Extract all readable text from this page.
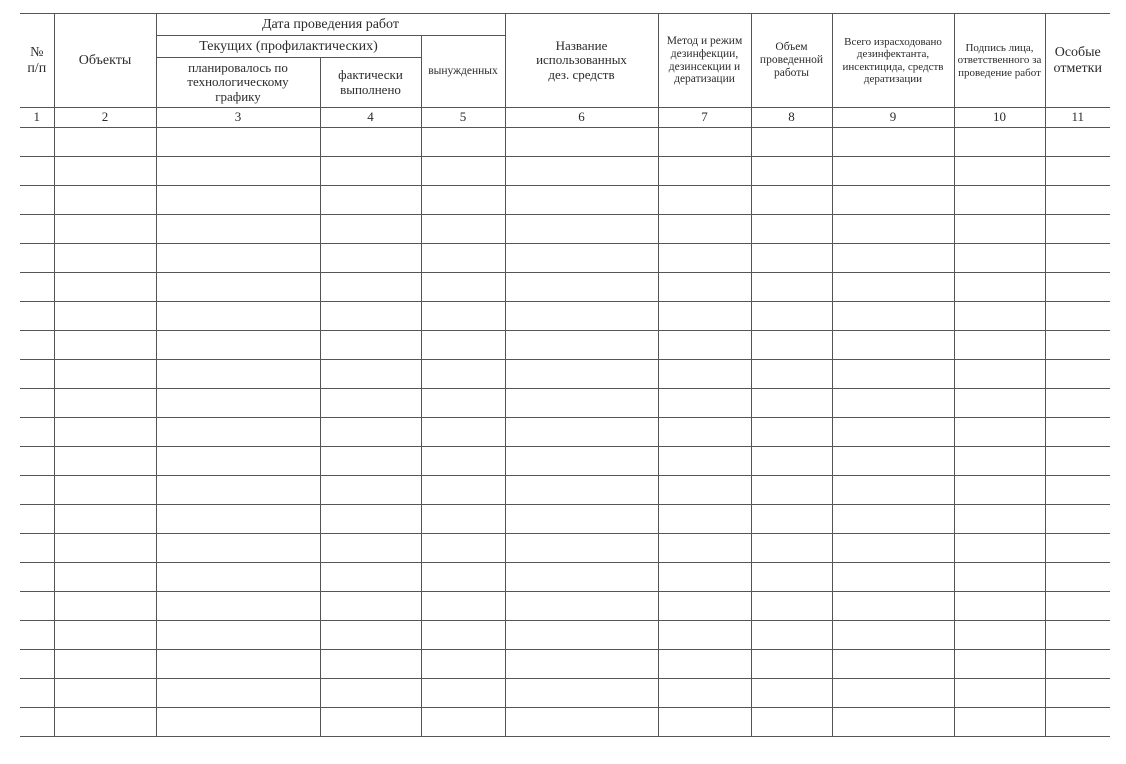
№
п/п	Объекты	Дата проведения работ			Название использованных дез. средств	Метод и режим дезинфекции, дезинсекции и дератизации	Объем проведенной работы	Всего израсходовано дезинфектанта, инсектицида, средств дератизации	Подпись лица, ответственного за проведение работ	Особые отметки
		Текущих (профилактических)		вынужденных						
		планировалось по технологическому графику	фактически выполнено							
1	2	3	4	5	6	7	8	9	10	11
